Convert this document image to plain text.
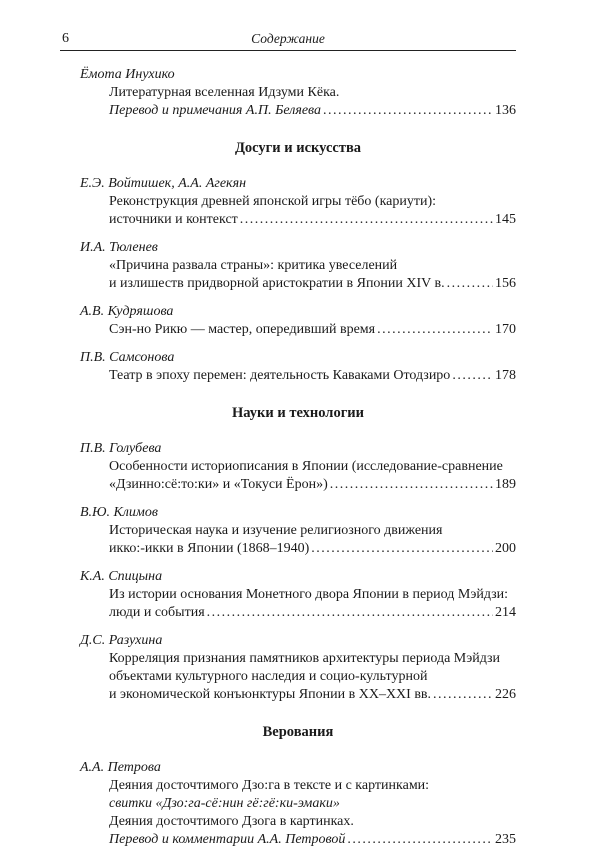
6	Содержание
Ёмота Инухико
Литературная вселенная Идзуми Кёка.
Перевод и примечания А.П. Беляева . . .	136
Досуги и искусства
Е.Э. Войтишек, А.А. Агекян
Реконструкция древней японской игры тёбо (кариути):
источники и контекст . . .	145
И.А. Тюленев
«Причина развала страны»: критика увеселений
и излишеств придворной аристократии в Японии XIV в. . . .	156
А.В. Кудряшова
Сэн-но Рикю — мастер, опередивший время . . .	170
П.В. Самсонова
Театр в эпоху перемен: деятельность Каваками Отодзиро . . .	178
Науки и технологии
П.В. Голубева
Особенности историописания в Японии (исследование-сравнение
«Дзинно:сё:то:ки» и «Токуси Ёрон») . . .	189
В.Ю. Климов
Историческая наука и изучение религиозного движения
икко:-икки в Японии (1868–1940) . . .	200
К.А. Спицына
Из истории основания Монетного двора Японии в период Мэйдзи:
люди и события . . .	214
Д.С. Разухина
Корреляция признания памятников архитектуры периода Мэйдзи
объектами культурного наследия и социо-культурной
и экономической конъюнктуры Японии в XX–XXI вв. . . .	226
Верования
А.А. Петрова
Деяния досточтимого Дзо:га в тексте и с картинками:
свитки «Дзо:га-сё:нин гё:гё:ки-эмаки»
Деяния досточтимого Дзога в картинках.
Перевод и комментарии А.А. Петровой . . .	235
